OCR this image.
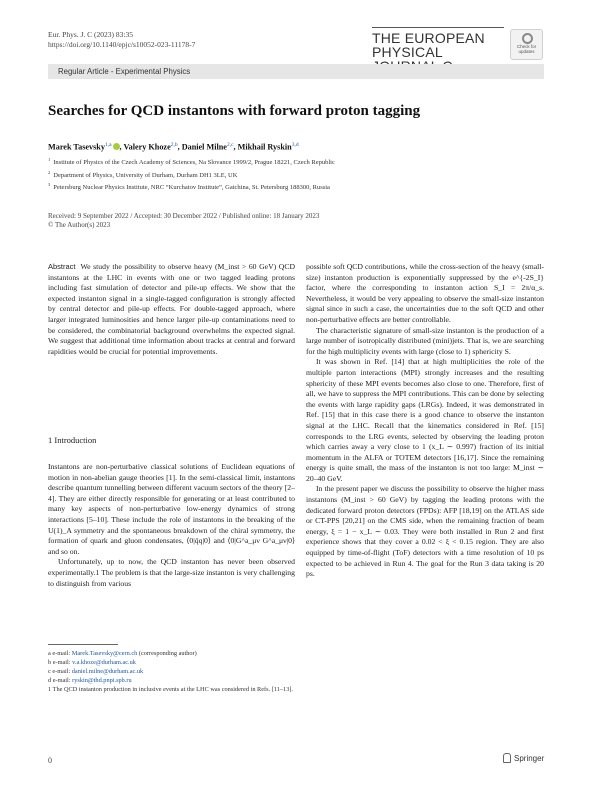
Eur. Phys. J. C (2023) 83:35
https://doi.org/10.1140/epjc/s10052-023-11178-7	THE EUROPEAN
PHYSICAL	Check for updates
Regular Article - Experimental Physics
Searches for QCD instantons with forward proton tagging
Marek Tasevsky$^{1,a}$ , Valery Khoze$^{2,b}$, Daniel Milne$^{2,c}$, Mikhail Ryskin$^{3,d}$
$^1$ Institute of Physics of the Czech Academy of Sciences, Na Slovance 1999/2, Prague 18221, Czech Republic
$^2$ Department of Physics, University of Durham, Durham DH1 3LE, UK
$^3$ Petersburg Nuclear Physics Institute, NRC “Kurchatov Institute”, Gatchina, St. Petersburg 188300, Russia
Received: 9 September 2022 / Accepted: 30 December 2022 / Published online: 18 January 2023
© The Author(s) 2023

Abstract We study the possibility to observe heavy (M_inst > 60 GeV) QCD instantons at the LHC in events with one or two tagged leading protons including fast simulation of detector and pile-up effects. We show that the expected instanton signal in a single-tagged configuration is strongly affected by central detector and pile-up effects. For double-tagged approach, where larger integrated luminosities and hence larger pile-up contaminations need to be considered, the combinatorial background overwhelms the expected signal. We suggest that additional time information about tracks at central and forward rapidities would be crucial for potential improvements.

1 Introduction

Instantons are non-perturbative classical solutions of Euclidean equations of motion in non-abelian gauge theories [1]. In the semi-classical limit, instantons describe quantum tunnelling between different vacuum sectors of the theory [2–4]. They are either directly responsible for generating or at least contributed to many key aspects of non-perturbative low-energy dynamics of strong interactions [5–10]. These include the role of instantons in the breaking of the U(1)_A symmetry and the spontaneous breakdown of the chiral symmetry, the formation of quark and gluon condensates, ⟨0|q̄q|0⟩ and ⟨0|G^a_μν G^a_μν|0⟩ and so on.

Unfortunately, up to now, the QCD instanton has never been observed experimentally.1 The problem is that the large-size instanton is very challenging to distinguish from various

a e-mail: Marek.Tasevsky@cern.ch (corresponding author)
b e-mail: v.a.khoze@durham.ac.uk
c e-mail: daniel.milne@durham.ac.uk
d e-mail: ryskin@thd.pnpi.spb.ru
1 The QCD instanton production in inclusive events at the LHC was considered in Refs. [11–13].

possible soft QCD contributions, while the cross-section of the heavy (small-size) instanton production is exponentially suppressed by the e^{-2S_I} factor, where the corresponding to instanton action S_I = 2π/α_s. Nevertheless, it would be very appealing to observe the small-size instanton signal since in such a case, the uncertainties due to the soft QCD and other non-perturbative effects are better controllable.

The characteristic signature of small-size instanton is the production of a large number of isotropically distributed (mini)jets. That is, we are searching for the high multiplicity events with large (close to 1) sphericity S.

It was shown in Ref. [14] that at high multiplicities the role of the multiple parton interactions (MPI) strongly increases and the resulting sphericity of these MPI events becomes also close to one. Therefore, first of all, we have to suppress the MPI contributions. This can be done by selecting the events with large rapidity gaps (LRGs). Indeed, it was demonstrated in Ref. [15] that in this case there is a good chance to observe the instanton signal at the LHC. Recall that the kinematics considered in Ref. [15] corresponds to the LRG events, selected by observing the leading proton which carries away a very close to 1 (x_L ∼ 0.997) fraction of its initial momentum in the ALFA or TOTEM detectors [16,17]. Since the remaining energy is quite small, the mass of the instanton is not too large: M_inst ∼ 20–40 GeV.

In the present paper we discuss the possibility to observe the higher mass instantons (M_inst > 60 GeV) by tagging the leading protons with the dedicated forward proton detectors (FPDs): AFP [18,19] on the ATLAS side or CT-PPS [20,21] on the CMS side, when the remaining fraction of beam energy, ξ = 1 − x_L ∼ 0.03. They were both installed in Run 2 and first experience shows that they cover a 0.02 < ξ < 0.15 region. They are also equipped by time-of-flight (ToF) detectors with a time resolution of 10 ps expected to be achieved in Run 4. The goal for the Run 3 data taking is 20 ps.

0	Springer
